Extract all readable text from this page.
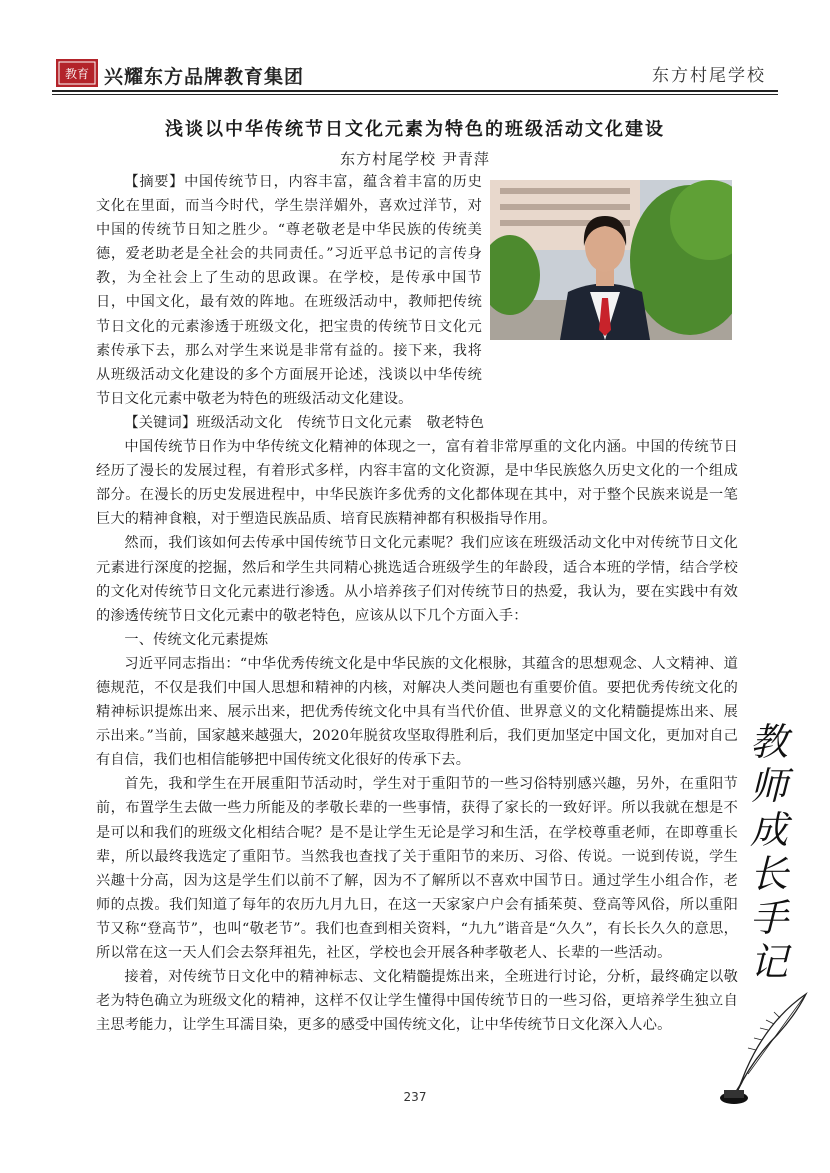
教育 兴耀东方品牌教育集团	东方村尾学校
浅谈以中华传统节日文化元素为特色的班级活动文化建设
东方村尾学校 尹青萍

【摘要】中国传统节日，内容丰富，蕴含着丰富的历史文化在里面，而当今时代，学生崇洋媚外，喜欢过洋节，对中国的传统节日知之胜少。“尊老敬老是中华民族的传统美德，爱老助老是全社会的共同责任。”习近平总书记的言传身教，为全社会上了生动的思政课。在学校，是传承中国节日，中国文化，最有效的阵地。在班级活动中，教师把传统节日文化的元素渗透于班级文化，把宝贵的传统节日文化元素传承下去，那么对学生来说是非常有益的。接下来，我将从班级活动文化建设的多个方面展开论述，浅谈以中华传统节日文化元素中敬老为特色的班级活动文化建设。

【关键词】班级活动文化　传统节日文化元素　敬老特色

中国传统节日作为中华传统文化精神的体现之一，富有着非常厚重的文化内涵。中国的传统节日经历了漫长的发展过程，有着形式多样，内容丰富的文化资源，是中华民族悠久历史文化的一个组成部分。在漫长的历史发展进程中，中华民族许多优秀的文化都体现在其中，对于整个民族来说是一笔巨大的精神食粮，对于塑造民族品质、培育民族精神都有积极指导作用。

然而，我们该如何去传承中国传统节日文化元素呢？我们应该在班级活动文化中对传统节日文化元素进行深度的挖掘，然后和学生共同精心挑选适合班级学生的年龄段，适合本班的学情，结合学校的文化对传统节日文化元素进行渗透。从小培养孩子们对传统节日的热爱，我认为，要在实践中有效的渗透传统节日文化元素中的敬老特色，应该从以下几个方面入手：

一、传统文化元素提炼

习近平同志指出：“中华优秀传统文化是中华民族的文化根脉，其蕴含的思想观念、人文精神、道德规范，不仅是我们中国人思想和精神的内核，对解决人类问题也有重要价值。要把优秀传统文化的精神标识提炼出来、展示出来，把优秀传统文化中具有当代价值、世界意义的文化精髓提炼出来、展示出来。”当前，国家越来越强大，2020年脱贫攻坚取得胜利后，我们更加坚定中国文化，更加对自己有自信，我们也相信能够把中国传统文化很好的传承下去。

首先，我和学生在开展重阳节活动时，学生对于重阳节的一些习俗特别感兴趣，另外，在重阳节前，布置学生去做一些力所能及的孝敬长辈的一些事情，获得了家长的一致好评。所以我就在想是不是可以和我们的班级文化相结合呢？是不是让学生无论是学习和生活，在学校尊重老师，在即尊重长辈，所以最终我选定了重阳节。当然我也查找了关于重阳节的来历、习俗、传说。一说到传说，学生兴趣十分高，因为这是学生们以前不了解，因为不了解所以不喜欢中国节日。通过学生小组合作，老师的点拨。我们知道了每年的农历九月九日，在这一天家家户户会有插茱萸、登高等风俗，所以重阳节又称“登高节”，也叫“敬老节”。我们也查到相关资料，“九九”谐音是“久久”，有长长久久的意思，所以常在这一天人们会去祭拜祖先，社区，学校也会开展各种孝敬老人、长辈的一些活动。

接着，对传统节日文化中的精神标志、文化精髓提炼出来，全班进行讨论，分析，最终确定以敬老为特色确立为班级文化的精神，这样不仅让学生懂得中国传统节日的一些习俗，更培养学生独立自主思考能力，让学生耳濡目染，更多的感受中国传统文化，让中华传统节日文化深入人心。

教
师
成
长
手
记
237
